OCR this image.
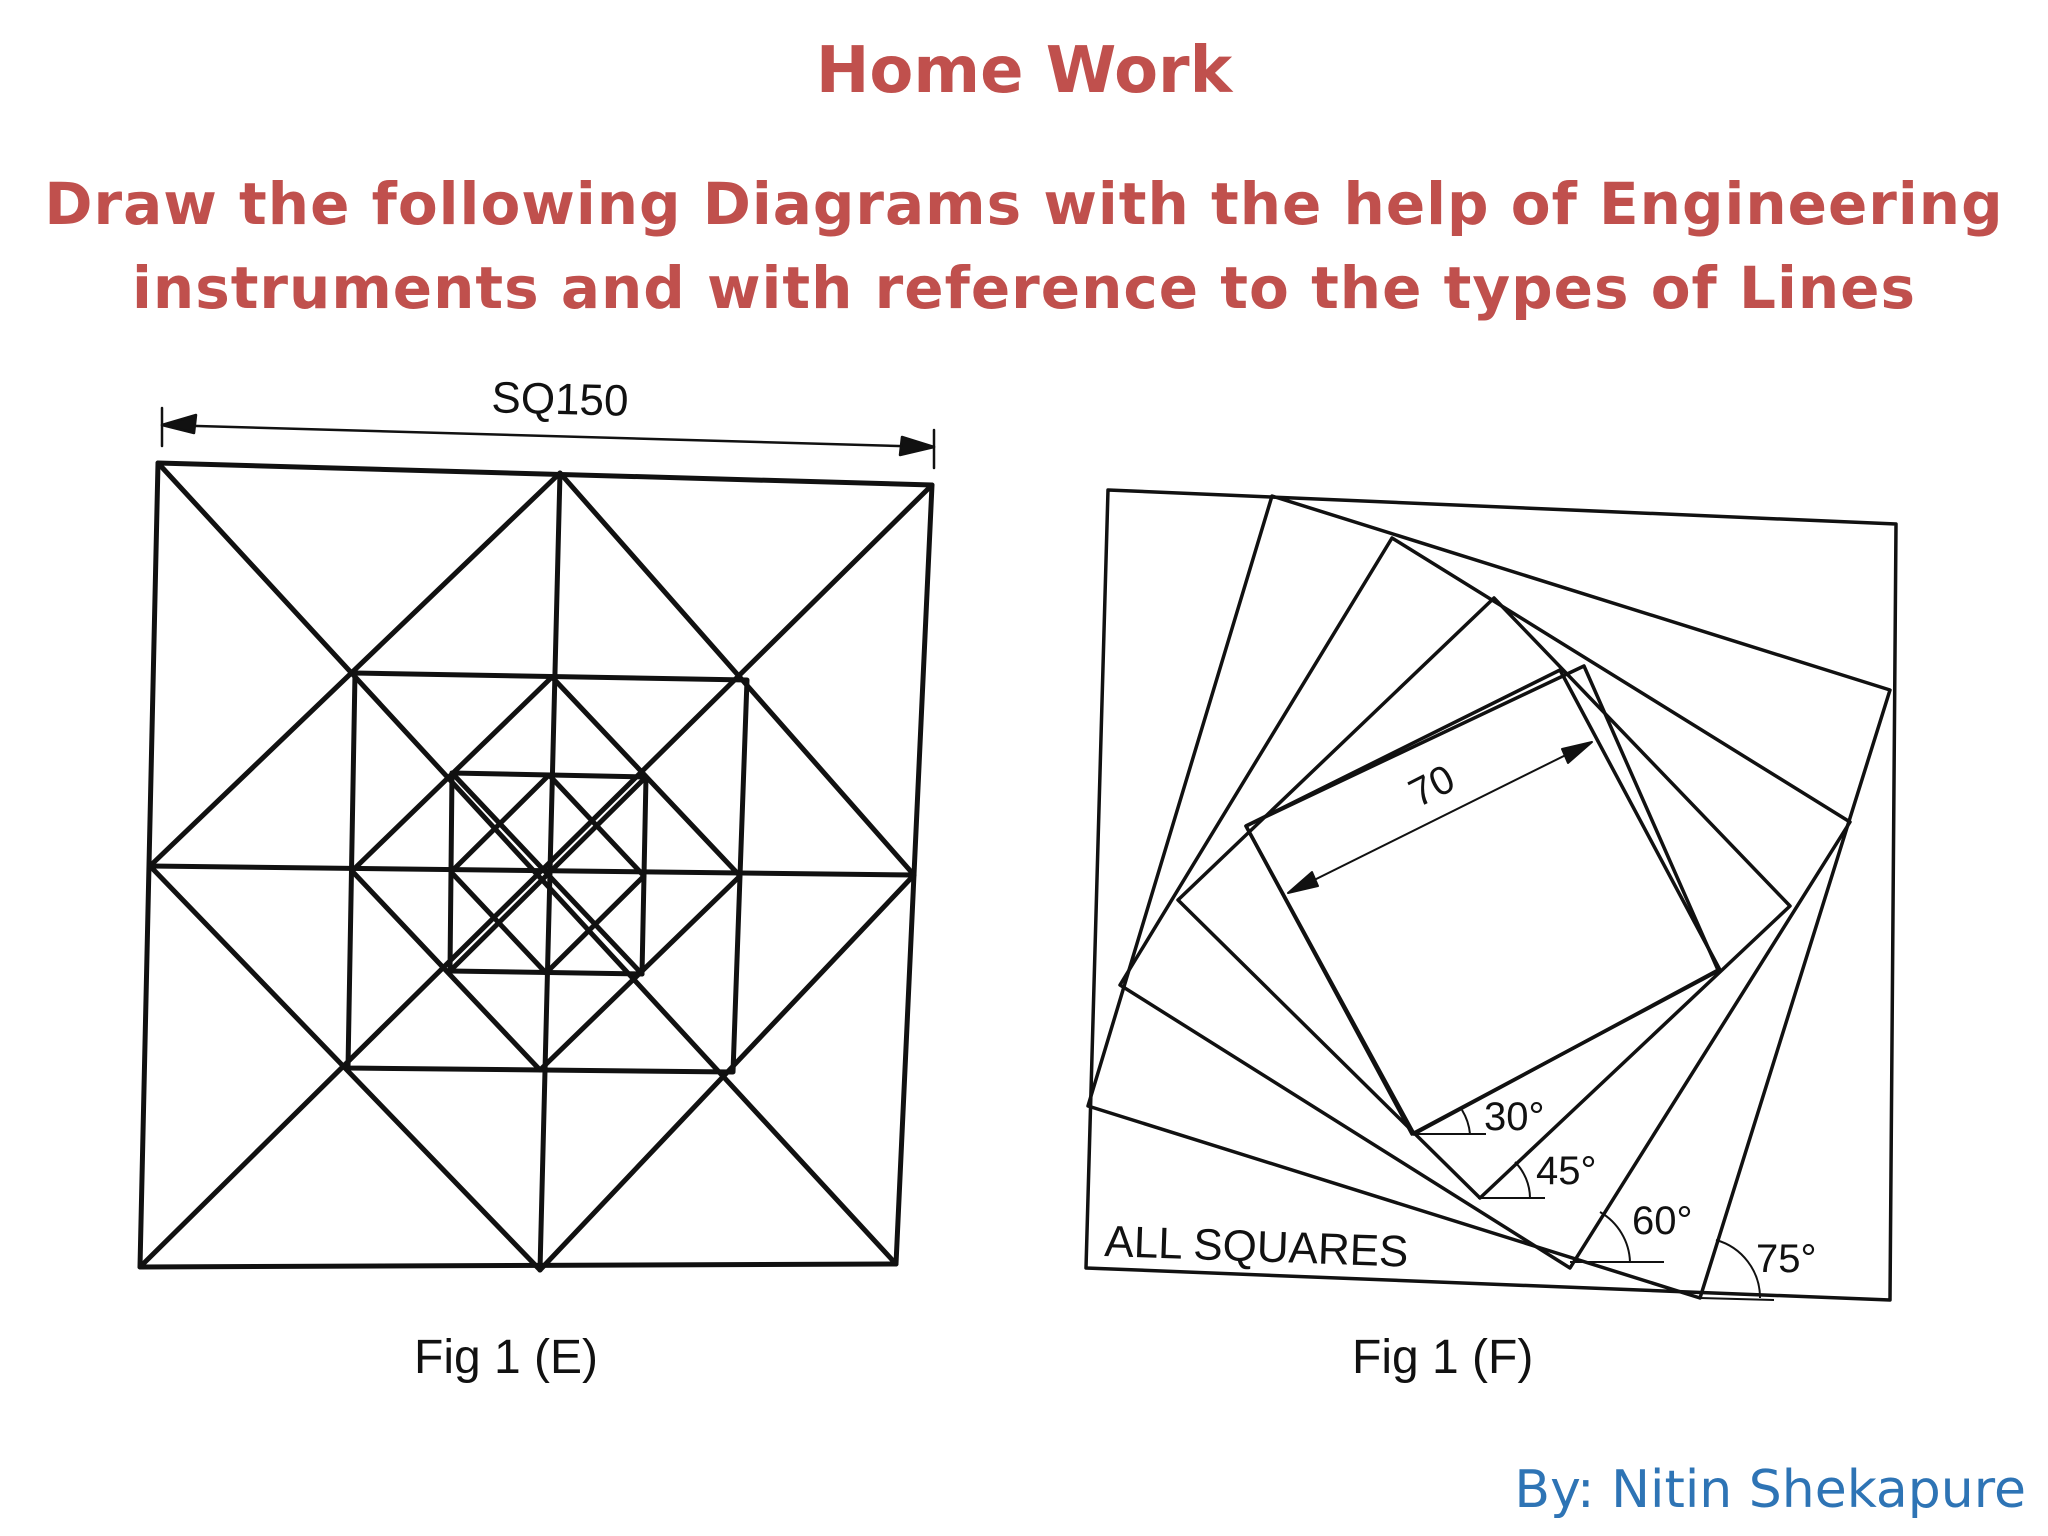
Home Work
Draw the following Diagrams with the help of Engineering
instruments and with reference to the types of Lines
SQ150
70
30°
45°
60°
75°
ALL SQUARES
Fig 1 (E)	Fig 1 (F)
By: Nitin Shekapure
